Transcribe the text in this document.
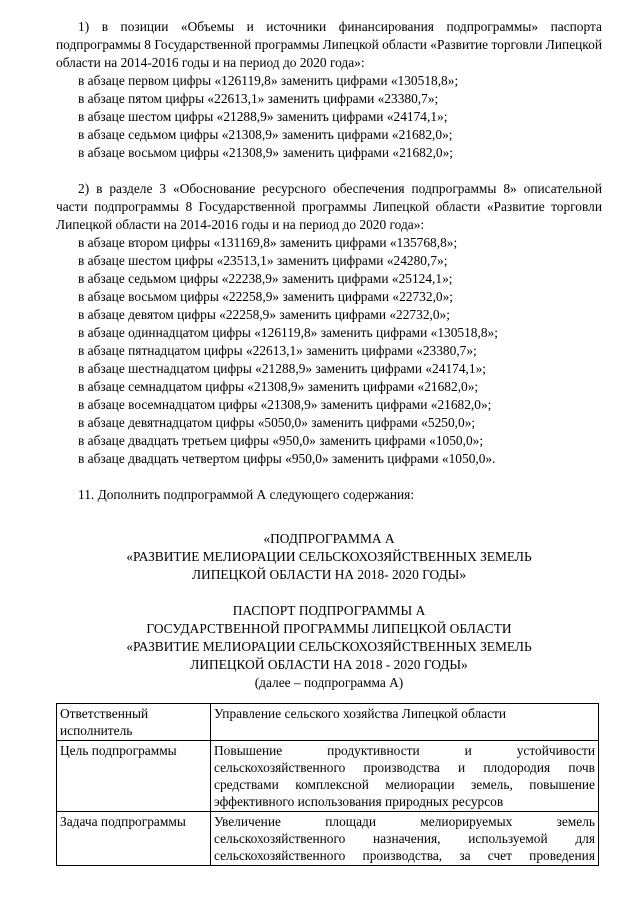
1) в позиции «Объемы и источники финансирования подпрограммы» паспорта подпрограммы 8 Государственной программы Липецкой области «Развитие торговли Липецкой области на 2014-2016 годы и на период до 2020 года»:

в абзаце первом цифры «126119,8» заменить цифрами «130518,8»;

в абзаце пятом цифры «22613,1» заменить цифрами «23380,7»;

в абзаце шестом цифры «21288,9» заменить цифрами «24174,1»;

в абзаце седьмом цифры «21308,9» заменить цифрами «21682,0»;

в абзаце восьмом цифры «21308,9» заменить цифрами «21682,0»;

2) в разделе 3 «Обоснование ресурсного обеспечения подпрограммы 8» описательной части подпрограммы 8 Государственной программы Липецкой области «Развитие торговли Липецкой области на 2014-2016 годы и на период до 2020 года»:

в абзаце втором цифры «131169,8» заменить цифрами «135768,8»;

в абзаце шестом цифры «23513,1» заменить цифрами «24280,7»;

в абзаце седьмом цифры «22238,9» заменить цифрами «25124,1»;

в абзаце восьмом цифры «22258,9» заменить цифрами «22732,0»;

в абзаце девятом цифры «22258,9» заменить цифрами «22732,0»;

в абзаце одиннадцатом цифры «126119,8» заменить цифрами «130518,8»;

в абзаце пятнадцатом цифры «22613,1» заменить цифрами «23380,7»;

в абзаце шестнадцатом цифры «21288,9» заменить цифрами «24174,1»;

в абзаце семнадцатом цифры «21308,9» заменить цифрами «21682,0»;

в абзаце восемнадцатом цифры «21308,9» заменить цифрами «21682,0»;

в абзаце девятнадцатом цифры «5050,0» заменить цифрами «5250,0»;

в абзаце двадцать третьем цифры «950,0» заменить цифрами «1050,0»;

в абзаце двадцать четвертом цифры «950,0» заменить цифрами «1050,0».

11. Дополнить подпрограммой А следующего содержания:

«ПОДПРОГРАММА А

«РАЗВИТИЕ МЕЛИОРАЦИИ СЕЛЬСКОХОЗЯЙСТВЕННЫХ ЗЕМЕЛЬ

ЛИПЕЦКОЙ ОБЛАСТИ НА 2018- 2020 ГОДЫ»

ПАСПОРТ ПОДПРОГРАММЫ А

ГОСУДАРСТВЕННОЙ ПРОГРАММЫ ЛИПЕЦКОЙ ОБЛАСТИ

«РАЗВИТИЕ МЕЛИОРАЦИИ СЕЛЬСКОХОЗЯЙСТВЕННЫХ ЗЕМЕЛЬ

ЛИПЕЦКОЙ ОБЛАСТИ НА 2018 - 2020 ГОДЫ»

(далее – подпрограмма А)

Ответственный исполнитель	Управление сельского хозяйства Липецкой области
Цель подпрограммы	Повышение продуктивности и устойчивости сельскохозяйственного производства и плодородия почв средствами комплексной мелиорации земель, повышение эффективного использования природных ресурсов
Задача подпрограммы	Увеличение площади мелиорируемых земель сельскохозяйственного назначения, используемой для сельскохозяйственного производства, за счет проведения
